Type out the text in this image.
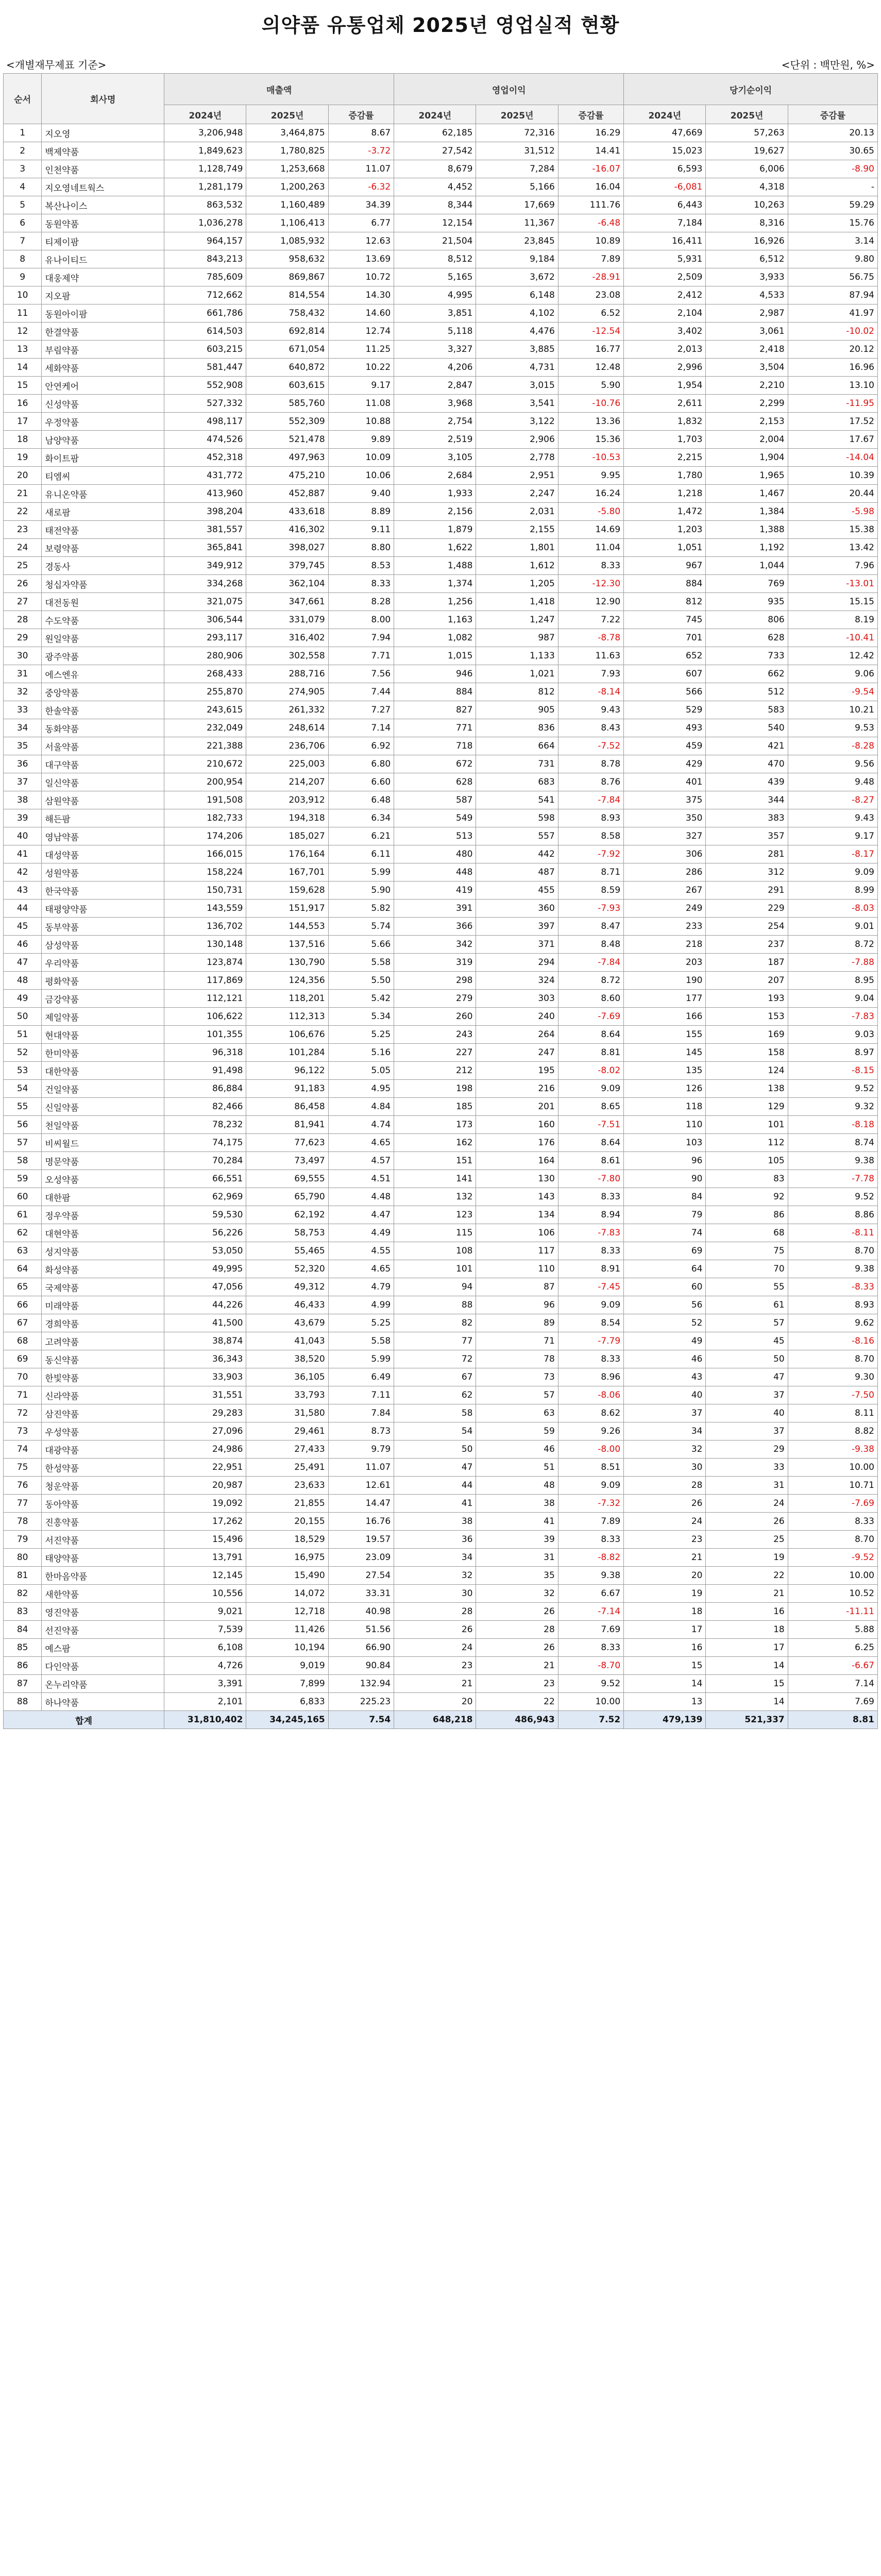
의약품 유통업체 2025년 영업실적 현황
<개별재무제표 기준>	<단위 : 백만원, %>
순서	회사명	매출액			영업이익			당기순이익		
		2024년	2025년	증감률	2024년	2025년	증감률	2024년	2025년	증감률
1	지오영	3,206,948	3,464,875	8.67	62,185	72,316	16.29	47,669	57,263	20.13
2	백제약품	1,849,623	1,780,825	-3.72	27,542	31,512	14.41	15,023	19,627	30.65
3	인천약품	1,128,749	1,253,668	11.07	8,679	7,284	-16.07	6,593	6,006	-8.90
4	지오영네트웍스	1,281,179	1,200,263	-6.32	4,452	5,166	16.04	-6,081	4,318	-
5	복산나이스	863,532	1,160,489	34.39	8,344	17,669	111.76	6,443	10,263	59.29
6	동원약품	1,036,278	1,106,413	6.77	12,154	11,367	-6.48	7,184	8,316	15.76
7	티제이팜	964,157	1,085,932	12.63	21,504	23,845	10.89	16,411	16,926	3.14
8	유나이티드	843,213	958,632	13.69	8,512	9,184	7.89	5,931	6,512	9.80
9	대웅제약	785,609	869,867	10.72	5,165	3,672	-28.91	2,509	3,933	56.75
10	지오팜	712,662	814,554	14.30	4,995	6,148	23.08	2,412	4,533	87.94
11	동원아이팜	661,786	758,432	14.60	3,851	4,102	6.52	2,104	2,987	41.97
12	한결약품	614,503	692,814	12.74	5,118	4,476	-12.54	3,402	3,061	-10.02
13	부림약품	603,215	671,054	11.25	3,327	3,885	16.77	2,013	2,418	20.12
14	세화약품	581,447	640,872	10.22	4,206	4,731	12.48	2,996	3,504	16.96
15	안연케어	552,908	603,615	9.17	2,847	3,015	5.90	1,954	2,210	13.10
16	신성약품	527,332	585,760	11.08	3,968	3,541	-10.76	2,611	2,299	-11.95
17	우정약품	498,117	552,309	10.88	2,754	3,122	13.36	1,832	2,153	17.52
18	남양약품	474,526	521,478	9.89	2,519	2,906	15.36	1,703	2,004	17.67
19	화이트팜	452,318	497,963	10.09	3,105	2,778	-10.53	2,215	1,904	-14.04
20	티엠씨	431,772	475,210	10.06	2,684	2,951	9.95	1,780	1,965	10.39
21	유니온약품	413,960	452,887	9.40	1,933	2,247	16.24	1,218	1,467	20.44
22	새로팜	398,204	433,618	8.89	2,156	2,031	-5.80	1,472	1,384	-5.98
23	태전약품	381,557	416,302	9.11	1,879	2,155	14.69	1,203	1,388	15.38
24	보령약품	365,841	398,027	8.80	1,622	1,801	11.04	1,051	1,192	13.42
25	경동사	349,912	379,745	8.53	1,488	1,612	8.33	967	1,044	7.96
26	청십자약품	334,268	362,104	8.33	1,374	1,205	-12.30	884	769	-13.01
27	대전동원	321,075	347,661	8.28	1,256	1,418	12.90	812	935	15.15
28	수도약품	306,544	331,079	8.00	1,163	1,247	7.22	745	806	8.19
29	원일약품	293,117	316,402	7.94	1,082	987	-8.78	701	628	-10.41
30	광주약품	280,906	302,558	7.71	1,015	1,133	11.63	652	733	12.42
31	에스엔유	268,433	288,716	7.56	946	1,021	7.93	607	662	9.06
32	중앙약품	255,870	274,905	7.44	884	812	-8.14	566	512	-9.54
33	한솔약품	243,615	261,332	7.27	827	905	9.43	529	583	10.21
34	동화약품	232,049	248,614	7.14	771	836	8.43	493	540	9.53
35	서울약품	221,388	236,706	6.92	718	664	-7.52	459	421	-8.28
36	대구약품	210,672	225,003	6.80	672	731	8.78	429	470	9.56
37	일신약품	200,954	214,207	6.60	628	683	8.76	401	439	9.48
38	삼원약품	191,508	203,912	6.48	587	541	-7.84	375	344	-8.27
39	해든팜	182,733	194,318	6.34	549	598	8.93	350	383	9.43
40	영남약품	174,206	185,027	6.21	513	557	8.58	327	357	9.17
41	대성약품	166,015	176,164	6.11	480	442	-7.92	306	281	-8.17
42	성원약품	158,224	167,701	5.99	448	487	8.71	286	312	9.09
43	한국약품	150,731	159,628	5.90	419	455	8.59	267	291	8.99
44	태평양약품	143,559	151,917	5.82	391	360	-7.93	249	229	-8.03
45	동부약품	136,702	144,553	5.74	366	397	8.47	233	254	9.01
46	삼성약품	130,148	137,516	5.66	342	371	8.48	218	237	8.72
47	우리약품	123,874	130,790	5.58	319	294	-7.84	203	187	-7.88
48	평화약품	117,869	124,356	5.50	298	324	8.72	190	207	8.95
49	금강약품	112,121	118,201	5.42	279	303	8.60	177	193	9.04
50	제일약품	106,622	112,313	5.34	260	240	-7.69	166	153	-7.83
51	현대약품	101,355	106,676	5.25	243	264	8.64	155	169	9.03
52	한미약품	96,318	101,284	5.16	227	247	8.81	145	158	8.97
53	대한약품	91,498	96,122	5.05	212	195	-8.02	135	124	-8.15
54	건일약품	86,884	91,183	4.95	198	216	9.09	126	138	9.52
55	신일약품	82,466	86,458	4.84	185	201	8.65	118	129	9.32
56	천일약품	78,232	81,941	4.74	173	160	-7.51	110	101	-8.18
57	비씨월드	74,175	77,623	4.65	162	176	8.64	103	112	8.74
58	명문약품	70,284	73,497	4.57	151	164	8.61	96	105	9.38
59	오성약품	66,551	69,555	4.51	141	130	-7.80	90	83	-7.78
60	대한팜	62,969	65,790	4.48	132	143	8.33	84	92	9.52
61	정우약품	59,530	62,192	4.47	123	134	8.94	79	86	8.86
62	대현약품	56,226	58,753	4.49	115	106	-7.83	74	68	-8.11
63	성지약품	53,050	55,465	4.55	108	117	8.33	69	75	8.70
64	화성약품	49,995	52,320	4.65	101	110	8.91	64	70	9.38
65	국제약품	47,056	49,312	4.79	94	87	-7.45	60	55	-8.33
66	미래약품	44,226	46,433	4.99	88	96	9.09	56	61	8.93
67	경희약품	41,500	43,679	5.25	82	89	8.54	52	57	9.62
68	고려약품	38,874	41,043	5.58	77	71	-7.79	49	45	-8.16
69	동신약품	36,343	38,520	5.99	72	78	8.33	46	50	8.70
70	한빛약품	33,903	36,105	6.49	67	73	8.96	43	47	9.30
71	신라약품	31,551	33,793	7.11	62	57	-8.06	40	37	-7.50
72	삼진약품	29,283	31,580	7.84	58	63	8.62	37	40	8.11
73	우성약품	27,096	29,461	8.73	54	59	9.26	34	37	8.82
74	대광약품	24,986	27,433	9.79	50	46	-8.00	32	29	-9.38
75	한성약품	22,951	25,491	11.07	47	51	8.51	30	33	10.00
76	청운약품	20,987	23,633	12.61	44	48	9.09	28	31	10.71
77	동아약품	19,092	21,855	14.47	41	38	-7.32	26	24	-7.69
78	진흥약품	17,262	20,155	16.76	38	41	7.89	24	26	8.33
79	서진약품	15,496	18,529	19.57	36	39	8.33	23	25	8.70
80	태양약품	13,791	16,975	23.09	34	31	-8.82	21	19	-9.52
81	한마음약품	12,145	15,490	27.54	32	35	9.38	20	22	10.00
82	새한약품	10,556	14,072	33.31	30	32	6.67	19	21	10.52
83	영진약품	9,021	12,718	40.98	28	26	-7.14	18	16	-11.11
84	선진약품	7,539	11,426	51.56	26	28	7.69	17	18	5.88
85	예스팜	6,108	10,194	66.90	24	26	8.33	16	17	6.25
86	다인약품	4,726	9,019	90.84	23	21	-8.70	15	14	-6.67
87	온누리약품	3,391	7,899	132.94	21	23	9.52	14	15	7.14
88	하나약품	2,101	6,833	225.23	20	22	10.00	13	14	7.69
합계		31,810,402	34,245,165	7.54	648,218	486,943	7.52	479,139	521,337	8.81
